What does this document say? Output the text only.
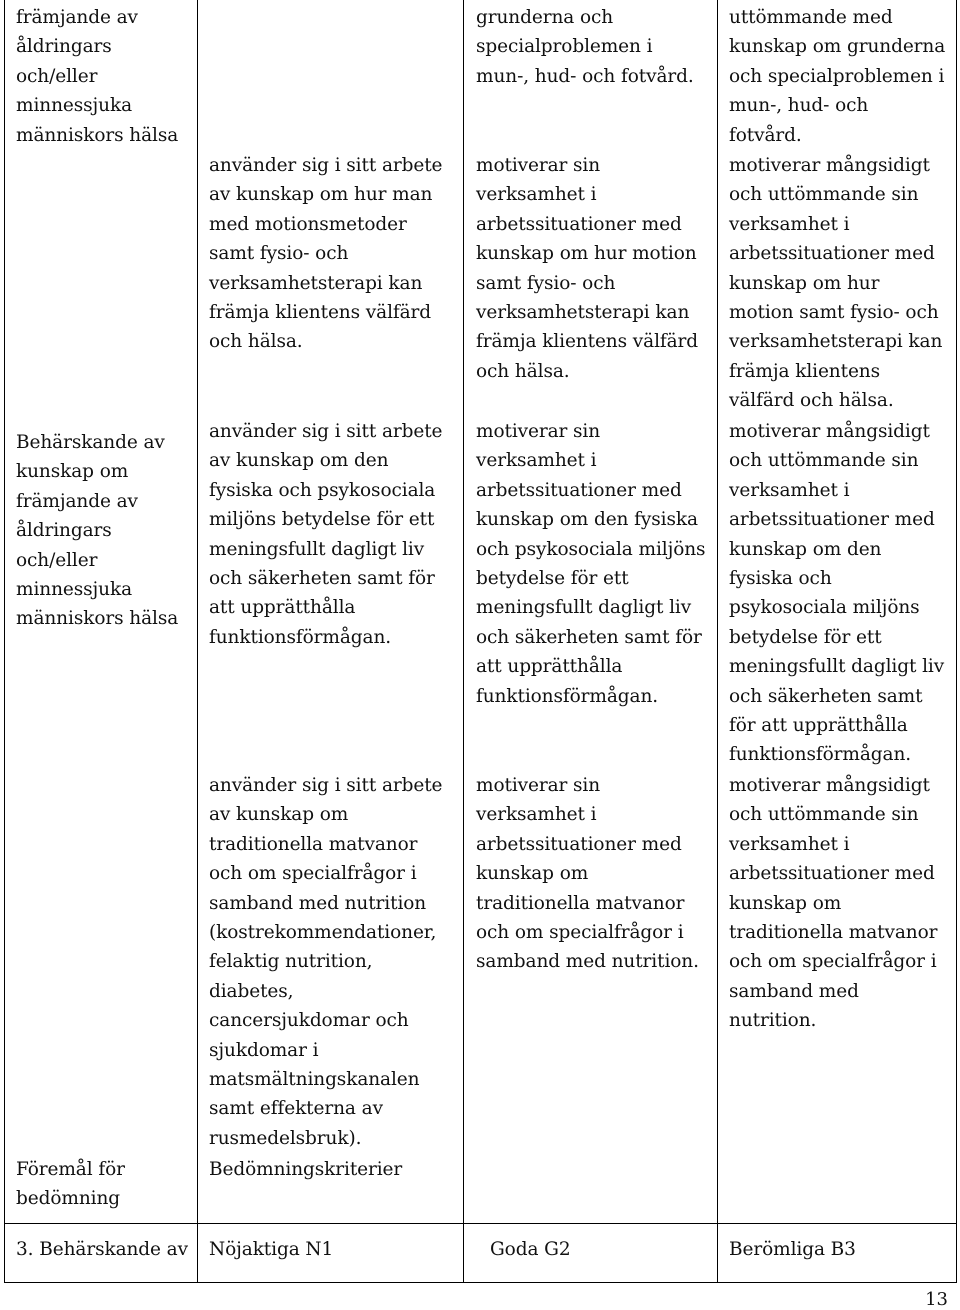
främjande av
åldringars
och/eller
minnessjuka
människors hälsa
Behärskande av
kunskap om
främjande av
åldringars
och/eller
minnessjuka
människors hälsa
Föremål för
bedömning
använder sig i sitt arbete
av kunskap om hur man
med motionsmetoder
samt fysio- och
verksamhetsterapi kan
främja klientens välfärd
och hälsa.
använder sig i sitt arbete
av kunskap om den
fysiska och psykosociala
miljöns betydelse för ett
meningsfullt dagligt liv
och säkerheten samt för
att upprätthålla
funktionsförmågan.
använder sig i sitt arbete
av kunskap om
traditionella matvanor
och om specialfrågor i
samband med nutrition
(kostrekommendationer,
felaktig nutrition,
diabetes,
cancersjukdomar och
sjukdomar i
matsmältningskanalen
samt effekterna av
rusmedelsbruk).
Bedömningskriterier
grunderna och
specialproblemen i
mun-, hud- och fotvård.
motiverar sin
verksamhet i
arbetssituationer med
kunskap om hur motion
samt fysio- och
verksamhetsterapi kan
främja klientens välfärd
och hälsa.
motiverar sin
verksamhet i
arbetssituationer med
kunskap om den fysiska
och psykosociala miljöns
betydelse för ett
meningsfullt dagligt liv
och säkerheten samt för
att upprätthålla
funktionsförmågan.
motiverar sin
verksamhet i
arbetssituationer med
kunskap om
traditionella matvanor
och om specialfrågor i
samband med nutrition.
uttömmande med
kunskap om grunderna
och specialproblemen i
mun-, hud- och
fotvård.
motiverar mångsidigt
och uttömmande sin
verksamhet i
arbetssituationer med
kunskap om hur
motion samt fysio- och
verksamhetsterapi kan
främja klientens
välfärd och hälsa.
motiverar mångsidigt
och uttömmande sin
verksamhet i
arbetssituationer med
kunskap om den
fysiska och
psykosociala miljöns
betydelse för ett
meningsfullt dagligt liv
och säkerheten samt
för att upprätthålla
funktionsförmågan.
motiverar mångsidigt
och uttömmande sin
verksamhet i
arbetssituationer med
kunskap om
traditionella matvanor
och om specialfrågor i
samband med
nutrition.
3. Behärskande av Nöjaktiga N1	Goda G2	Berömliga B3
13
